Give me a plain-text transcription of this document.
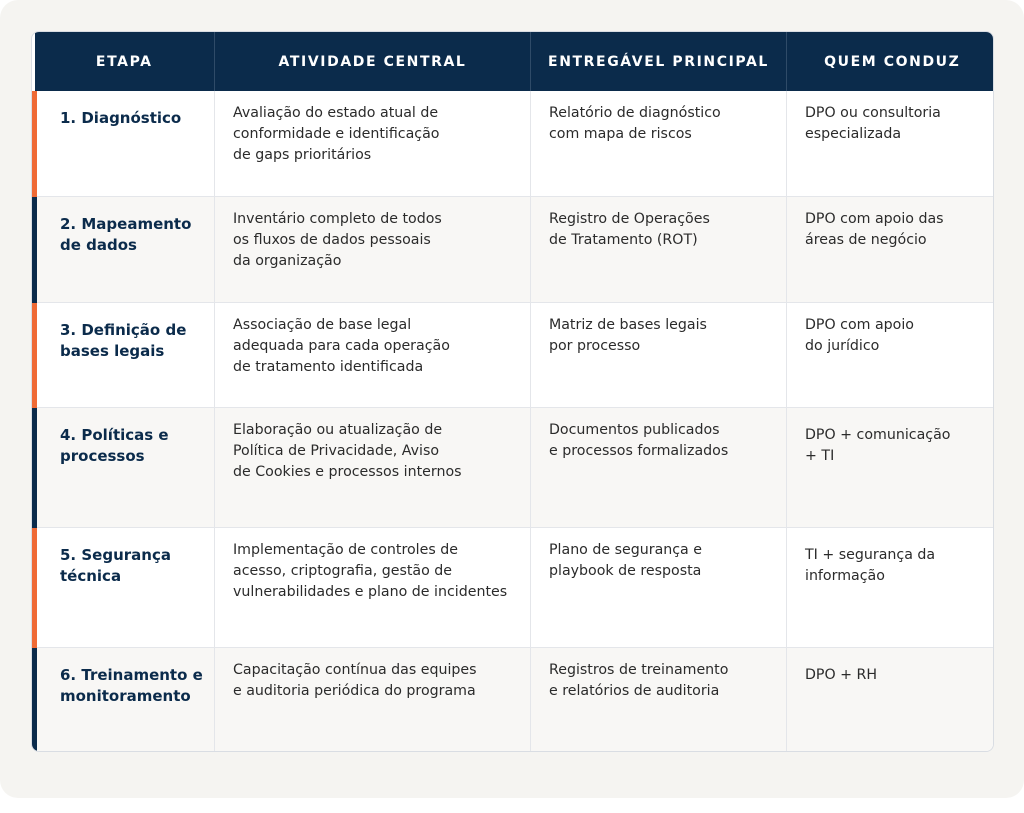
ETAPA	ATIVIDADE CENTRAL	ENTREGÁVEL PRINCIPAL	QUEM CONDUZ

1. Diagnóstico	Avaliação do estado atual de
conformidade e identificação
de gaps prioritários	Relatório de diagnóstico
com mapa de riscos	DPO ou consultoria
especializada

2. Mapeamento
de dados	Inventário completo de todos
os fluxos de dados pessoais
da organização	Registro de Operações
de Tratamento (ROT)	DPO com apoio das
áreas de negócio

3. Definição de
bases legais	Associação de base legal
adequada para cada operação
de tratamento identificada	Matriz de bases legais
por processo	DPO com apoio
do jurídico

4. Políticas e
processos	Elaboração ou atualização de
Política de Privacidade, Aviso
de Cookies e processos internos	Documentos publicados
e processos formalizados	DPO + comunicação
+ TI

5. Segurança
técnica	Implementação de controles de
acesso, criptografia, gestão de
vulnerabilidades e plano de incidentes	Plano de segurança e
playbook de resposta	TI + segurança da
informação

6. Treinamento e
monitoramento	Capacitação contínua das equipes
e auditoria periódica do programa	Registros de treinamento
e relatórios de auditoria	DPO + RH
